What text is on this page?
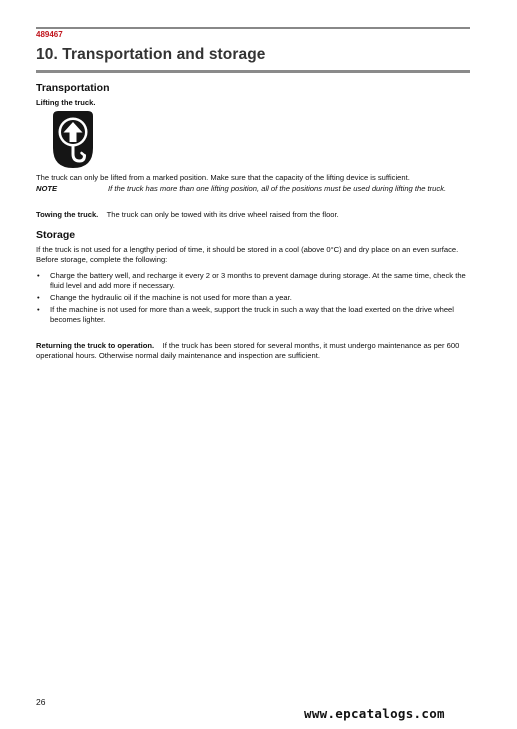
489467
10. Transportation and storage
Transportation
Lifting the truck.
The truck can only be lifted from a marked position. Make sure that the capacity of the lifting device is sufficient.
NOTE	If the truck has more than one lifting position, all of the positions must be used during lifting the truck.
Towing the truck. The truck can only be towed with its drive wheel raised from the floor.
Storage
If the truck is not used for a lengthy period of time, it should be stored in a cool (above 0°C) and dry place on an even surface. Before storage, complete the following:
• Charge the battery well, and recharge it every 2 or 3 months to prevent damage during storage. At the same time, check the fluid level and add more if necessary.
• Change the hydraulic oil if the machine is not used for more than a year.
• If the machine is not used for more than a week, support the truck in such a way that the load exerted on the drive wheel becomes lighter.
Returning the truck to operation. If the truck has been stored for several months, it must undergo maintenance as per 600 operational hours. Otherwise normal daily maintenance and inspection are sufficient.
26
www.epcatalogs.com
